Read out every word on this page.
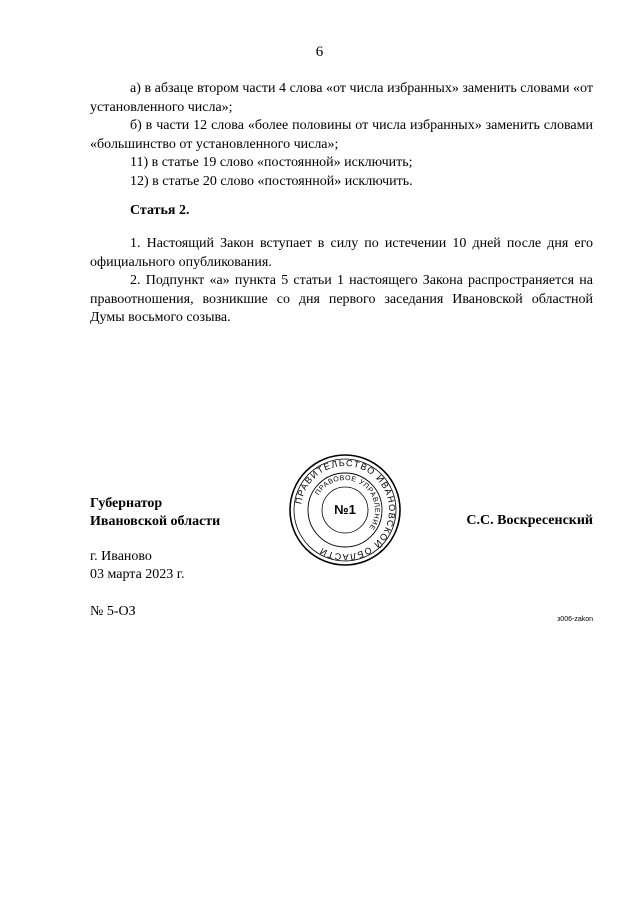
6

а) в абзаце втором части 4 слова «от числа избранных» заменить словами «от установленного числа»;

б) в части 12 слова «более половины от числа избранных» заменить словами «большинство от установленного числа»;

11) в статье 19 слово «постоянной» исключить;

12) в статье 20 слово «постоянной» исключить.

Статья 2.

1. Настоящий Закон вступает в силу по истечении 10 дней после дня его официального опубликования.

2. Подпункт «а» пункта 5 статьи 1 настоящего Закона распространяется на правоотношения, возникшие со дня первого заседания Ивановской областной Думы восьмого созыва.

Губернатор
Ивановской области	С.С. Воскресенский
ПРАВИТЕЛЬСТВО ИВАНОВСКОЙ ОБЛАСТИ
ПРАВОВОЕ УПРАВЛЕНИЕ
№1
г. Иваново
03 марта 2023 г.
№ 5-ОЗ
з006-zakon
